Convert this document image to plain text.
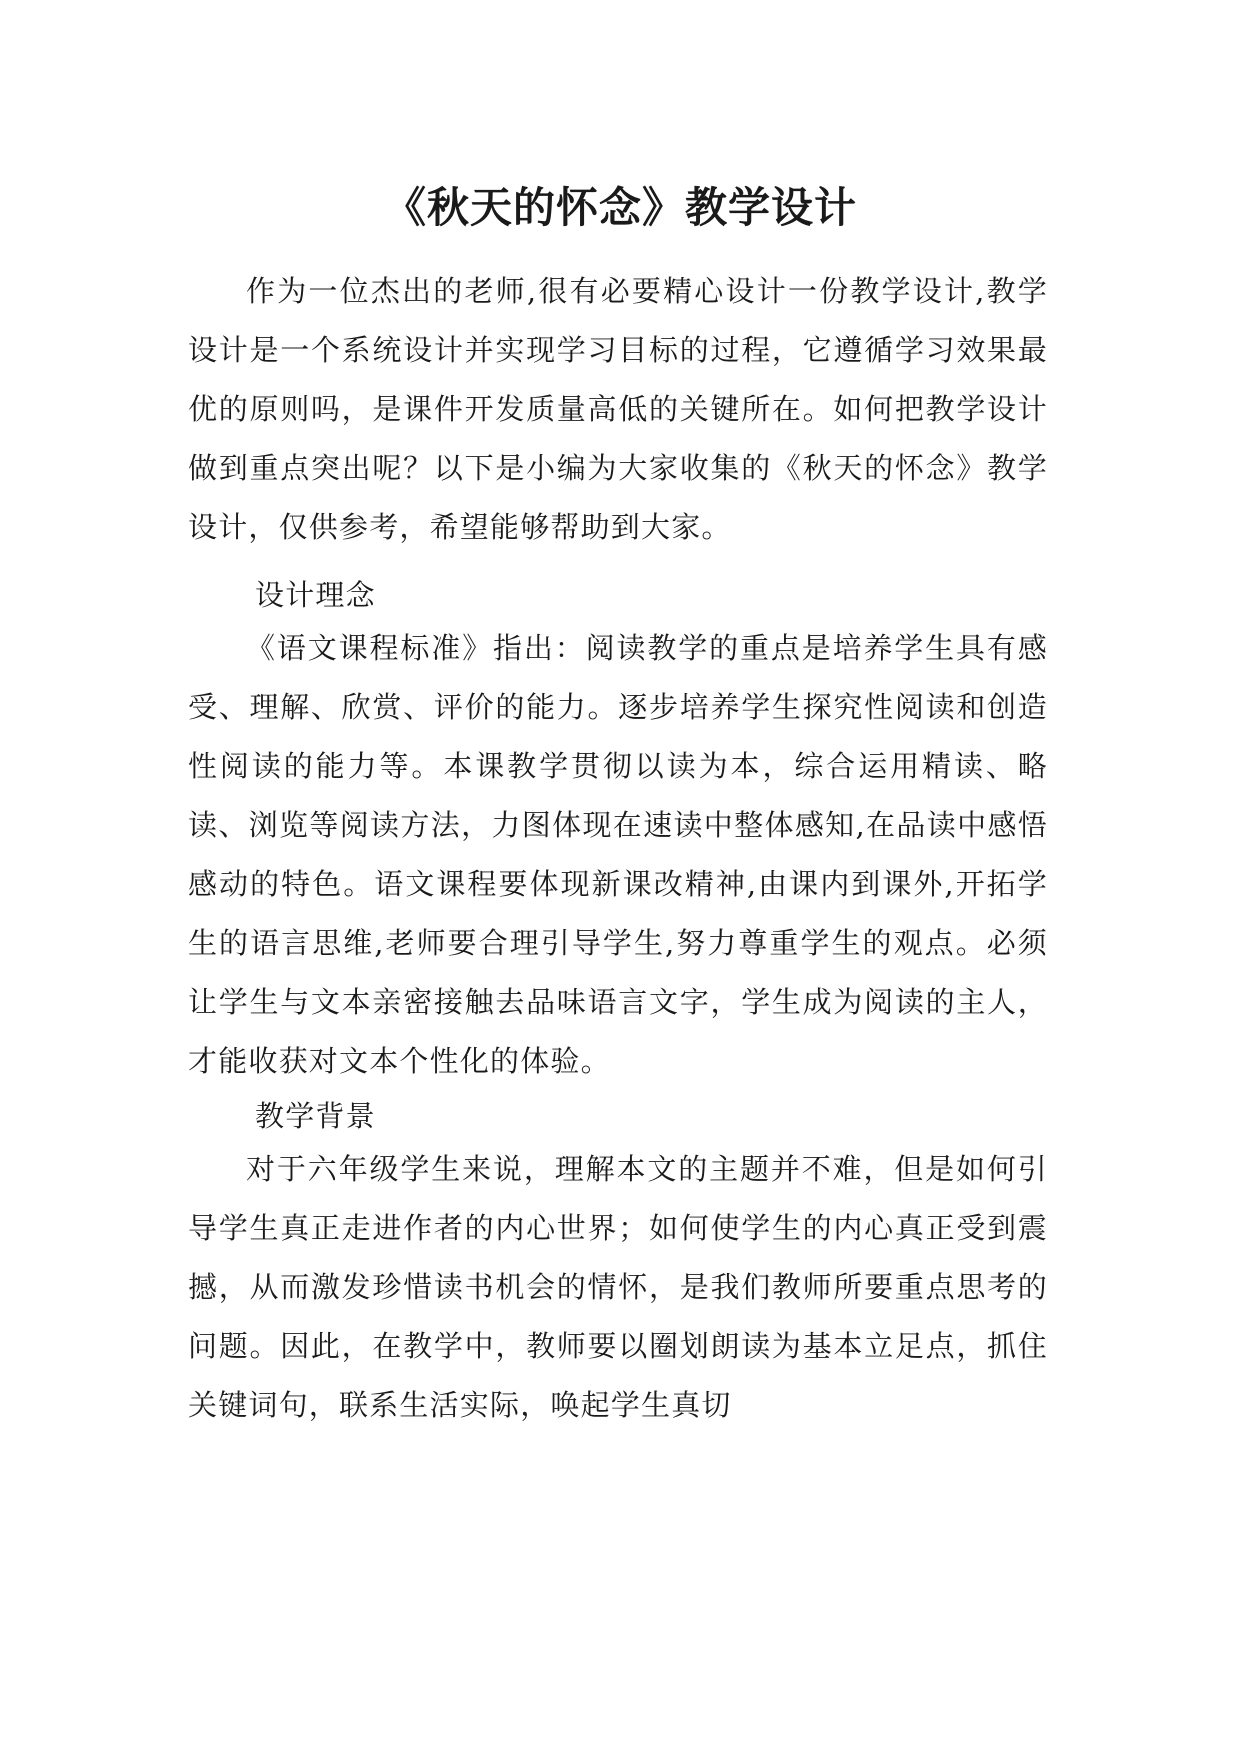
《秋天的怀念》教学设计

作为一位杰出的老师,很有必要精心设计一份教学设计,教学设计是一个系统设计并实现学习目标的过程，它遵循学习效果最优的原则吗，是课件开发质量高低的关键所在。如何把教学设计做到重点突出呢？以下是小编为大家收集的《秋天的怀念》教学设计，仅供参考，希望能够帮助到大家。

设计理念

《语文课程标准》指出：阅读教学的重点是培养学生具有感受、理解、欣赏、评价的能力。逐步培养学生探究性阅读和创造性阅读的能力等。本课教学贯彻以读为本，综合运用精读、略读、浏览等阅读方法，力图体现在速读中整体感知,在品读中感悟感动的特色。语文课程要体现新课改精神,由课内到课外,开拓学生的语言思维,老师要合理引导学生,努力尊重学生的观点。必须让学生与文本亲密接触去品味语言文字，学生成为阅读的主人，才能收获对文本个性化的体验。

教学背景

对于六年级学生来说，理解本文的主题并不难，但是如何引导学生真正走进作者的内心世界；如何使学生的内心真正受到震撼，从而激发珍惜读书机会的情怀，是我们教师所要重点思考的问题。因此，在教学中，教师要以圈划朗读为基本立足点，抓住关键词句，联系生活实际，唤起学生真切
